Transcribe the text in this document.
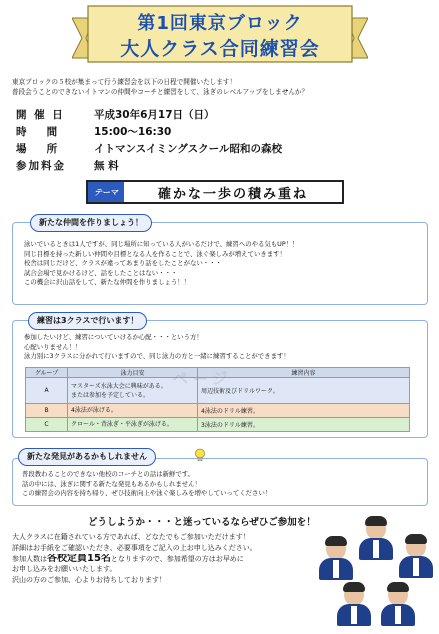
第1回東京ブロック
大人クラス合同練習会
東京ブロックの５校が集まって行う練習会を以下の日程で開催いたします！
普段会うことのできないイトマンの仲間やコーチと練習をして、泳ぎのレベルアップをしませんか？
開 催 日	平成30年6月17日（日）
時　 間	15:00〜16:30
場　 所	イトマンスイミングスクール昭和の森校
参加料金	無 料
テーマ	確かな一歩の積み重ね
新たな仲間を作りましょう！
泳いでいるときは1人ですが、同じ場所に知っている人がいるだけで、練習へのやる気もUP！！
同じ目標を持った新しい仲間や目標となる人を作ることで、泳ぐ楽しみが増えていきます！
校舎は同じだけど、クラスが違ってあまり話をしたことがない・・・
試合会場で見かけるけど、話をしたことはない・・・
この機会に沢山話をして、新たな仲間を作りましょう！！
練習は3クラスで行います！
参加したいけど、練習についていけるか心配・・・という方！
心配いりません！！
泳力別に3クラスに分かれて行いますので、同じ泳力の方と一緒に練習することができます！
グループ	泳力目安	練習内容
A	マスターズ水泳大会に興味がある。
または参加を予定している。	周辺技術及びドリルワーク。
B	4泳法が泳げる。	4泳法のドリル練習。
C	クロール・背泳ぎ・平泳ぎが泳げる。	3泳法のドリル練習。
ページ
新たな発見があるかもしれません
普段教わることのできない他校のコーチとの話は新鮮です。
話の中には、泳ぎに関する新たな発見もあるかもしれません！
この練習会の内容を持ち帰り、ぜひ技術向上や泳ぐ楽しみを増やしていってください！
どうしようか・・・と迷っているならぜひご参加を！
大人クラスに在籍されている方であれば、どなたでもご参加いただけます！
詳細はお手紙をご確認いただき、必要事項をご記入の上お申し込みください。
参加人数は各校定員15名となりますので、参加希望の方はお早めに
お申し込みをお願いいたします。
沢山の方のご参加、心よりお待ちしております！
